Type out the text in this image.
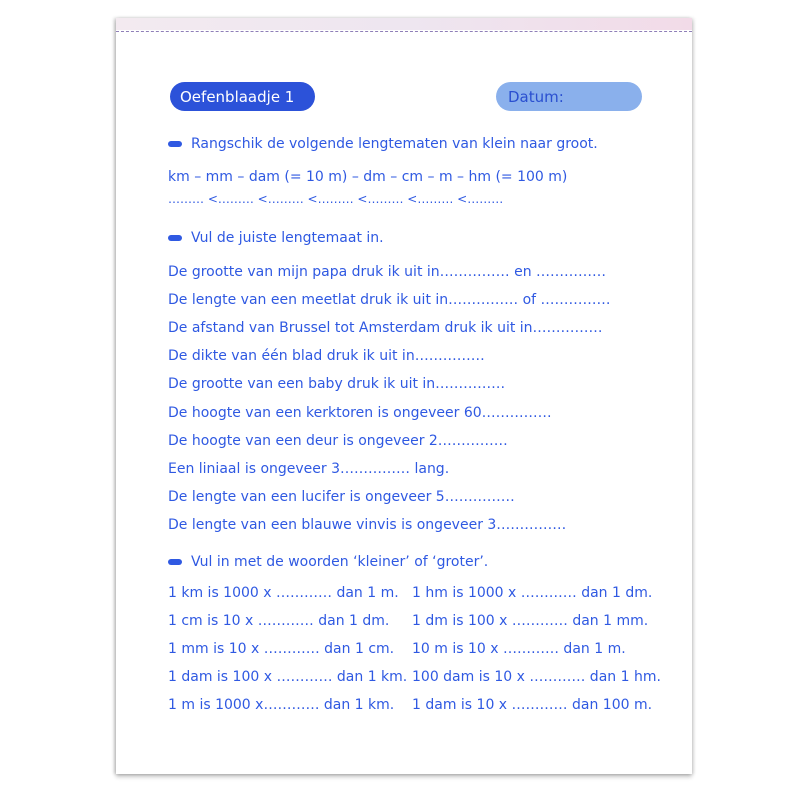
Oefenblaadje 1	Datum:

Rangschik de volgende lengtematen van klein naar groot.

km – mm – dam (= 10 m) – dm – cm – m – hm (= 100 m)

……… <……… <……… <……… <……… <……… <………

Vul de juiste lengtemaat in.

De grootte van mijn papa druk ik uit in…………… en ……………

De lengte van een meetlat druk ik uit in…………… of ……………

De afstand van Brussel tot Amsterdam druk ik uit in……………

De dikte van één blad druk ik uit in……………

De grootte van een baby druk ik uit in……………

De hoogte van een kerktoren is ongeveer 60……………

De hoogte van een deur is ongeveer 2……………

Een liniaal is ongeveer 3…………… lang.

De lengte van een lucifer is ongeveer 5……………

De lengte van een blauwe vinvis is ongeveer 3……………

Vul in met de woorden ‘kleiner’ of ‘groter’.

1 km is 1000 x ………… dan 1 m. 1 hm is 1000 x ………… dan 1 dm.

1 cm is 10 x ………… dan 1 dm. 1 dm is 100 x ………… dan 1 mm.

1 mm is 10 x ………… dan 1 cm. 10 m is 10 x ………… dan 1 m.

1 dam is 100 x ………… dan 1 km. 100 dam is 10 x ………… dan 1 hm.

1 m is 1000 x………… dan 1 km. 1 dam is 10 x ………… dan 100 m.
